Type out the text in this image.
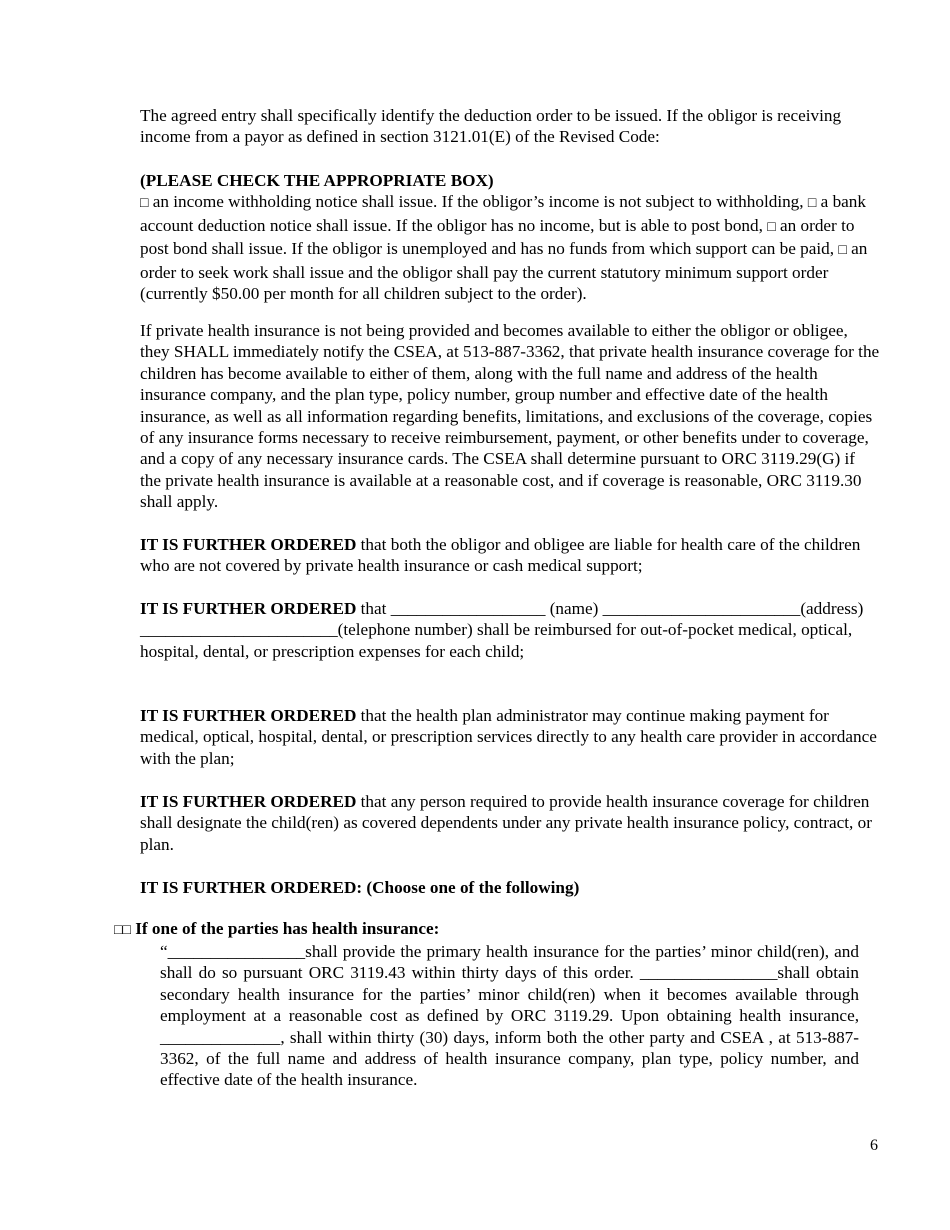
The agreed entry shall specifically identify the deduction order to be issued. If the obligor is receiving income from a payor as defined in section 3121.01(E) of the Revised Code:

(PLEASE CHECK THE APPROPRIATE BOX)
□ an income withholding notice shall issue. If the obligor’s income is not subject to withholding, □ a bank account deduction notice shall issue. If the obligor has no income, but is able to post bond, □ an order to post bond shall issue. If the obligor is unemployed and has no funds from which support can be paid, □ an order to seek work shall issue and the obligor shall pay the current statutory minimum support order (currently $50.00 per month for all children subject to the order).

If private health insurance is not being provided and becomes available to either the obligor or obligee, they SHALL immediately notify the CSEA, at 513-887-3362, that private health insurance coverage for the children has become available to either of them, along with the full name and address of the health insurance company, and the plan type, policy number, group number and effective date of the health insurance, as well as all information regarding benefits, limitations, and exclusions of the coverage, copies of any insurance forms necessary to receive reimbursement, payment, or other benefits under to coverage, and a copy of any necessary insurance cards. The CSEA shall determine pursuant to ORC 3119.29(G) if the private health insurance is available at a reasonable cost, and if coverage is reasonable, ORC 3119.30 shall apply.

IT IS FURTHER ORDERED that both the obligor and obligee are liable for health care of the children who are not covered by private health insurance or cash medical support;

IT IS FURTHER ORDERED that __________________ (name) _______________________(address) _______________________(telephone number) shall be reimbursed for out-of-pocket medical, optical, hospital, dental, or prescription expenses for each child;

IT IS FURTHER ORDERED that the health plan administrator may continue making payment for medical, optical, hospital, dental, or prescription services directly to any health care provider in accordance with the plan;

IT IS FURTHER ORDERED that any person required to provide health insurance coverage for children shall designate the child(ren) as covered dependents under any private health insurance policy, contract, or plan.

IT IS FURTHER ORDERED: (Choose one of the following)

□□ If one of the parties has health insurance:

“________________shall provide the primary health insurance for the parties’ minor child(ren), and shall do so pursuant ORC 3119.43 within thirty days of this order. ________________shall obtain secondary health insurance for the parties’ minor child(ren) when it becomes available through employment at a reasonable cost as defined by ORC 3119.29. Upon obtaining health insurance, ______________, shall within thirty (30) days, inform both the other party and CSEA , at 513-887-3362, of the full name and address of health insurance company, plan type, policy number, and effective date of the health insurance.

6
